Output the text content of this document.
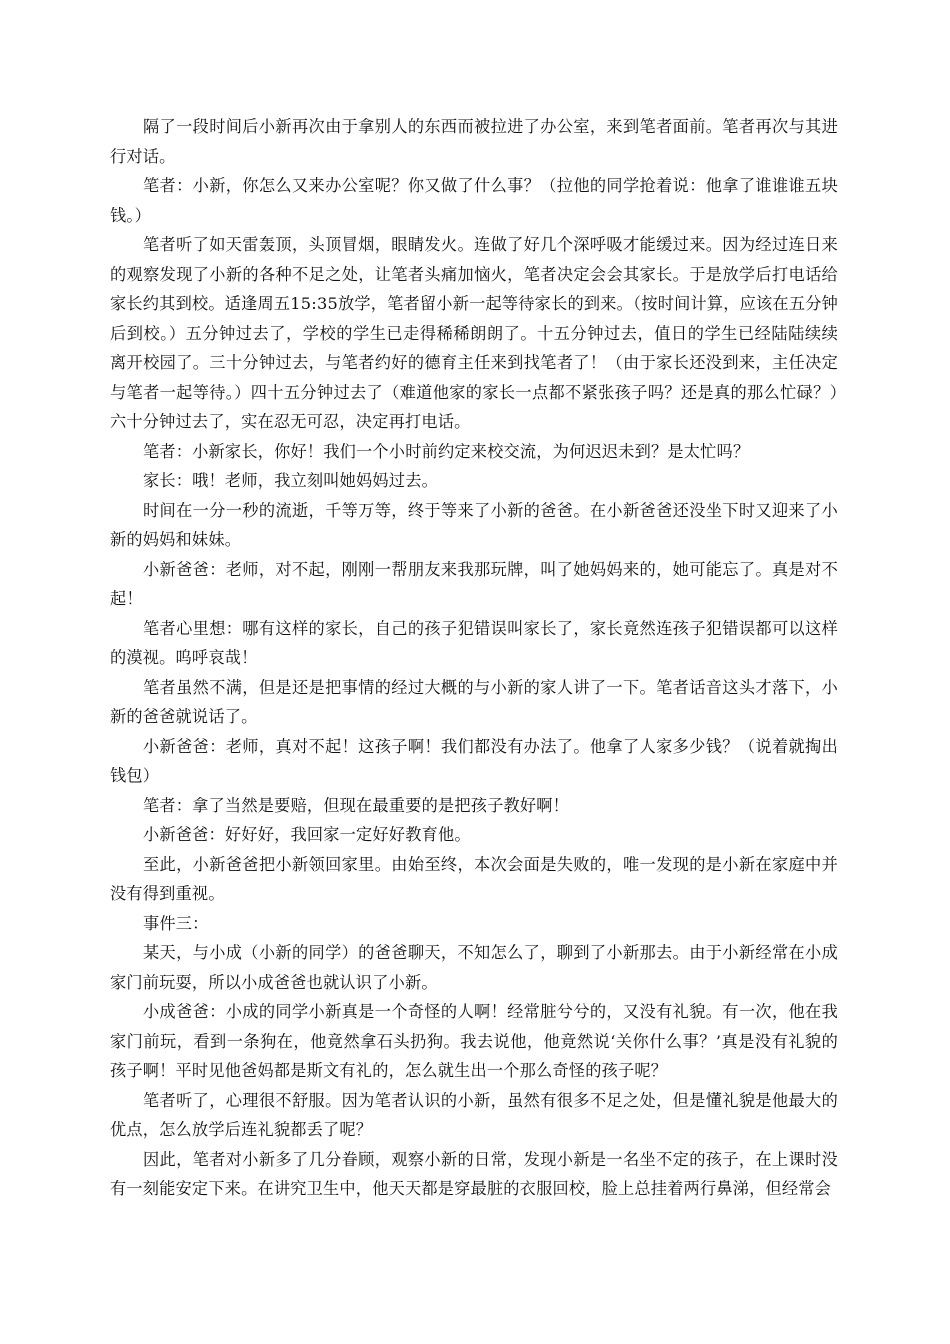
隔了一段时间后小新再次由于拿别人的东西而被拉进了办公室，来到笔者面前。笔者再次与其进行对话。

笔者：小新，你怎么又来办公室呢？你又做了什么事？（拉他的同学抢着说：他拿了谁谁谁五块钱。）

笔者听了如天雷轰顶，头顶冒烟，眼睛发火。连做了好几个深呼吸才能缓过来。因为经过连日来的观察发现了小新的各种不足之处，让笔者头痛加恼火，笔者决定会会其家长。于是放学后打电话给家长约其到校。适逢周五15:35放学，笔者留小新一起等待家长的到来。（按时间计算，应该在五分钟后到校。）五分钟过去了，学校的学生已走得稀稀朗朗了。十五分钟过去，值日的学生已经陆陆续续离开校园了。三十分钟过去，与笔者约好的德育主任来到找笔者了！（由于家长还没到来，主任决定与笔者一起等待。）四十五分钟过去了（难道他家的家长一点都不紧张孩子吗？还是真的那么忙碌？）六十分钟过去了，实在忍无可忍，决定再打电话。

笔者：小新家长，你好！我们一个小时前约定来校交流，为何迟迟未到？是太忙吗？

家长：哦！老师，我立刻叫她妈妈过去。

时间在一分一秒的流逝，千等万等，终于等来了小新的爸爸。在小新爸爸还没坐下时又迎来了小新的妈妈和妹妹。

小新爸爸：老师，对不起，刚刚一帮朋友来我那玩牌，叫了她妈妈来的，她可能忘了。真是对不起！

笔者心里想：哪有这样的家长，自己的孩子犯错误叫家长了，家长竟然连孩子犯错误都可以这样的漠视。呜呼哀哉！

笔者虽然不满，但是还是把事情的经过大概的与小新的家人讲了一下。笔者话音这头才落下，小新的爸爸就说话了。

小新爸爸：老师，真对不起！这孩子啊！我们都没有办法了。他拿了人家多少钱？（说着就掏出钱包）

笔者：拿了当然是要赔，但现在最重要的是把孩子教好啊！

小新爸爸：好好好，我回家一定好好教育他。

至此，小新爸爸把小新领回家里。由始至终，本次会面是失败的，唯一发现的是小新在家庭中并没有得到重视。

事件三：

某天，与小成（小新的同学）的爸爸聊天，不知怎么了，聊到了小新那去。由于小新经常在小成家门前玩耍，所以小成爸爸也就认识了小新。

小成爸爸：小成的同学小新真是一个奇怪的人啊！经常脏兮兮的，又没有礼貌。有一次，他在我家门前玩，看到一条狗在，他竟然拿石头扔狗。我去说他，他竟然说‘关你什么事？’真是没有礼貌的孩子啊！平时见他爸妈都是斯文有礼的，怎么就生出一个那么奇怪的孩子呢？

笔者听了，心理很不舒服。因为笔者认识的小新，虽然有很多不足之处，但是懂礼貌是他最大的优点，怎么放学后连礼貌都丢了呢？

因此，笔者对小新多了几分眷顾，观察小新的日常，发现小新是一名坐不定的孩子，在上课时没有一刻能安定下来。在讲究卫生中，他天天都是穿最脏的衣服回校，脸上总挂着两行鼻涕，但经常会
